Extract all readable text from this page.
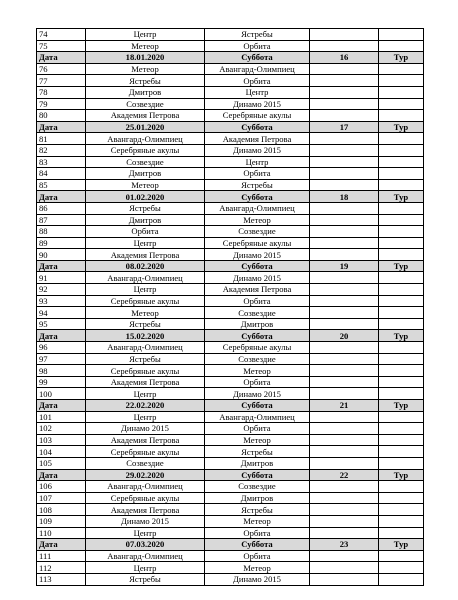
74	Центр	Ястребы		
75	Метеор	Орбита		
Дата	18.01.2020	Суббота	16	Тур
76	Метеор	Авангард-Олимпиец		
77	Ястребы	Орбита		
78	Дмитров	Центр		
79	Созвездие	Динамо 2015		
80	Академия Петрова	Серебряные акулы		
Дата	25.01.2020	Суббота	17	Тур
81	Авангард-Олимпиец	Академия Петрова		
82	Серебряные акулы	Динамо 2015		
83	Созвездие	Центр		
84	Дмитров	Орбита		
85	Метеор	Ястребы		
Дата	01.02.2020	Суббота	18	Тур
86	Ястребы	Авангард-Олимпиец		
87	Дмитров	Метеор		
88	Орбита	Созвездие		
89	Центр	Серебряные акулы		
90	Академия Петрова	Динамо 2015		
Дата	08.02.2020	Суббота	19	Тур
91	Авангард-Олимпиец	Динамо 2015		
92	Центр	Академия Петрова		
93	Серебряные акулы	Орбита		
94	Метеор	Созвездие		
95	Ястребы	Дмитров		
Дата	15.02.2020	Суббота	20	Тур
96	Авангард-Олимпиец	Серебряные акулы		
97	Ястребы	Созвездие		
98	Серебряные акулы	Метеор		
99	Академия Петрова	Орбита		
100	Центр	Динамо 2015		
Дата	22.02.2020	Суббота	21	Тур
101	Центр	Авангард-Олимпиец		
102	Динамо 2015	Орбита		
103	Академия Петрова	Метеор		
104	Серебряные акулы	Ястребы		
105	Созвездие	Дмитров		
Дата	29.02.2020	Суббота	22	Тур
106	Авангард-Олимпиец	Созвездие		
107	Серебряные акулы	Дмитров		
108	Академия Петрова	Ястребы		
109	Динамо 2015	Метеор		
110	Центр	Орбита		
Дата	07.03.2020	Суббота	23	Тур
111	Авангард-Олимпиец	Орбита		
112	Центр	Метеор		
113	Ястребы	Динамо 2015		
